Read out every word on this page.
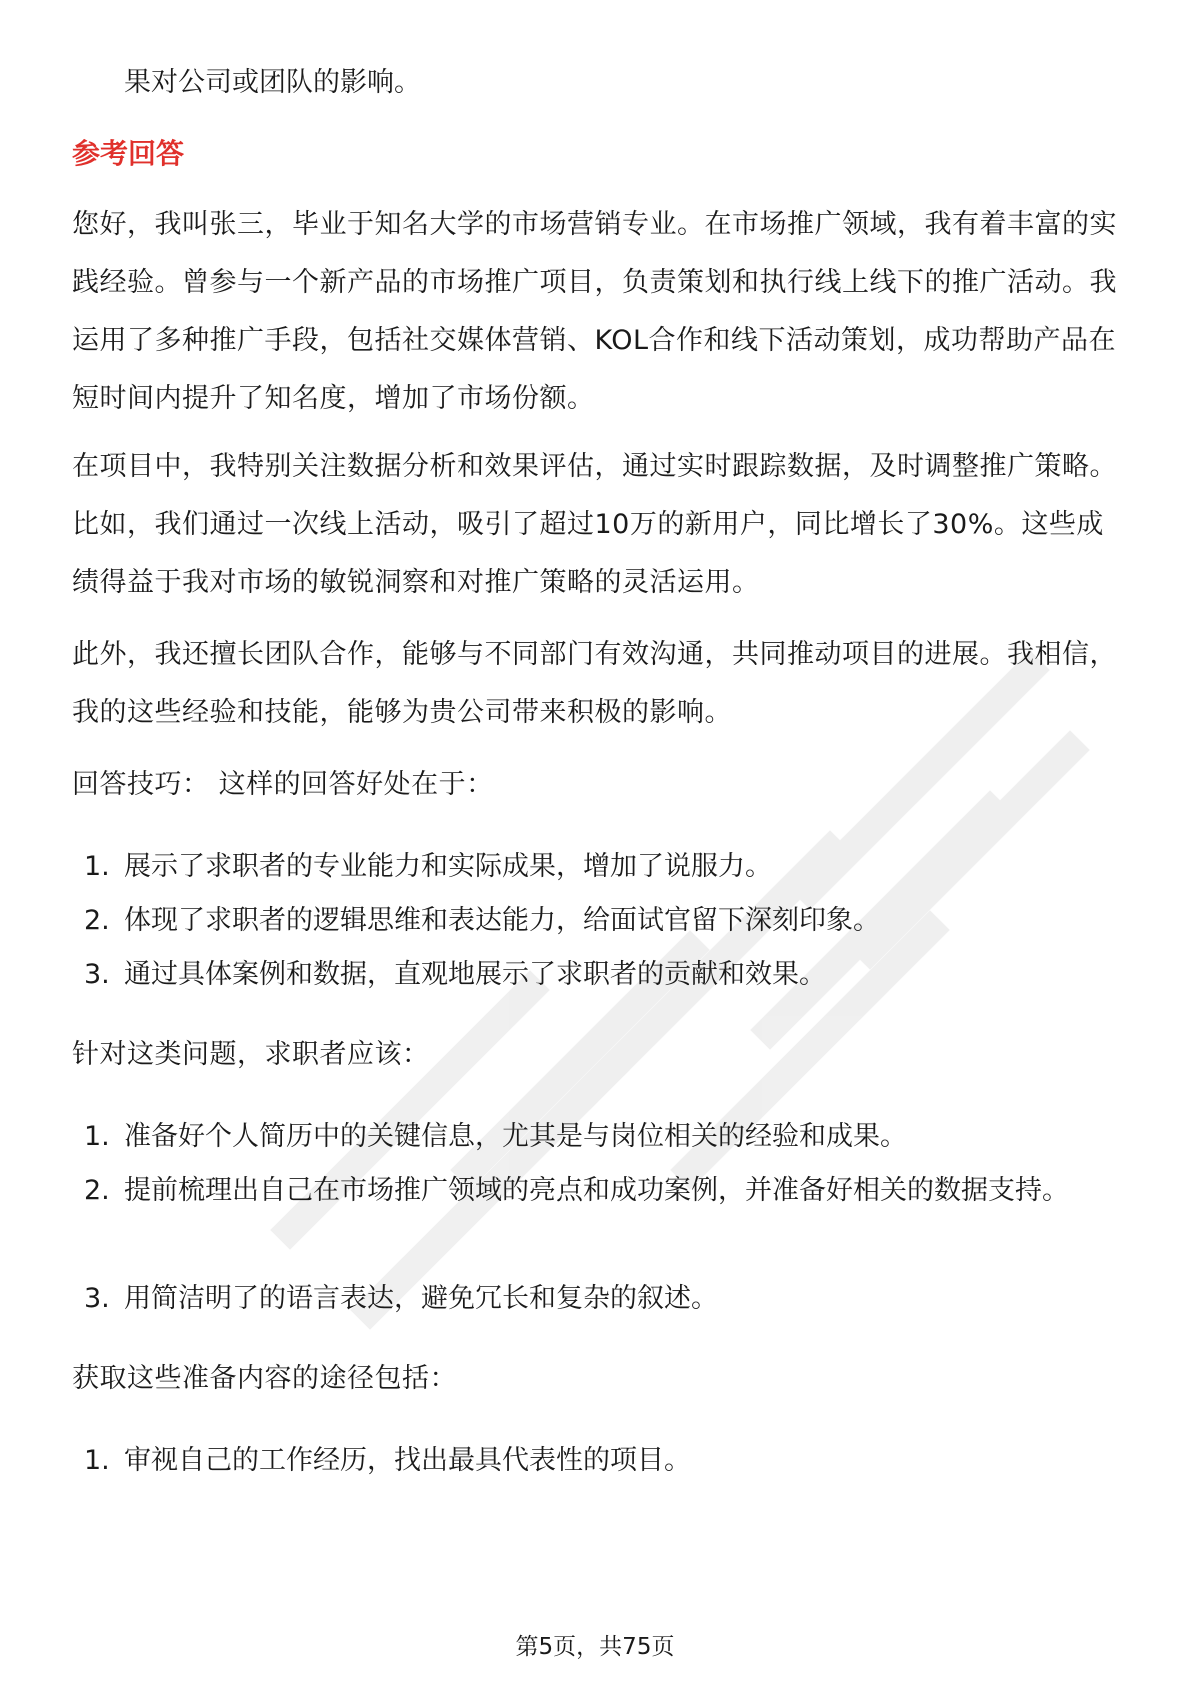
果对公司或团队的影响。

参考回答

您好，我叫张三，毕业于知名大学的市场营销专业。在市场推广领域，我有着丰富的实践经验。曾参与一个新产品的市场推广项目，负责策划和执行线上线下的推广活动。我运用了多种推广手段，包括社交媒体营销、KOL合作和线下活动策划，成功帮助产品在短时间内提升了知名度，增加了市场份额。

在项目中，我特别关注数据分析和效果评估，通过实时跟踪数据，及时调整推广策略。比如，我们通过一次线上活动，吸引了超过10万的新用户，同比增长了30%。这些成绩得益于我对市场的敏锐洞察和对推广策略的灵活运用。

此外，我还擅长团队合作，能够与不同部门有效沟通，共同推动项目的进展。我相信，我的这些经验和技能，能够为贵公司带来积极的影响。

回答技巧： 这样的回答好处在于：

1. 展示了求职者的专业能力和实际成果，增加了说服力。
2. 体现了求职者的逻辑思维和表达能力，给面试官留下深刻印象。
3. 通过具体案例和数据，直观地展示了求职者的贡献和效果。

针对这类问题，求职者应该：

1. 准备好个人简历中的关键信息，尤其是与岗位相关的经验和成果。
2. 提前梳理出自己在市场推广领域的亮点和成功案例，并准备好相关的数据支持。
3. 用简洁明了的语言表达，避免冗长和复杂的叙述。

获取这些准备内容的途径包括：

1. 审视自己的工作经历，找出最具代表性的项目。
第5页，共75页
